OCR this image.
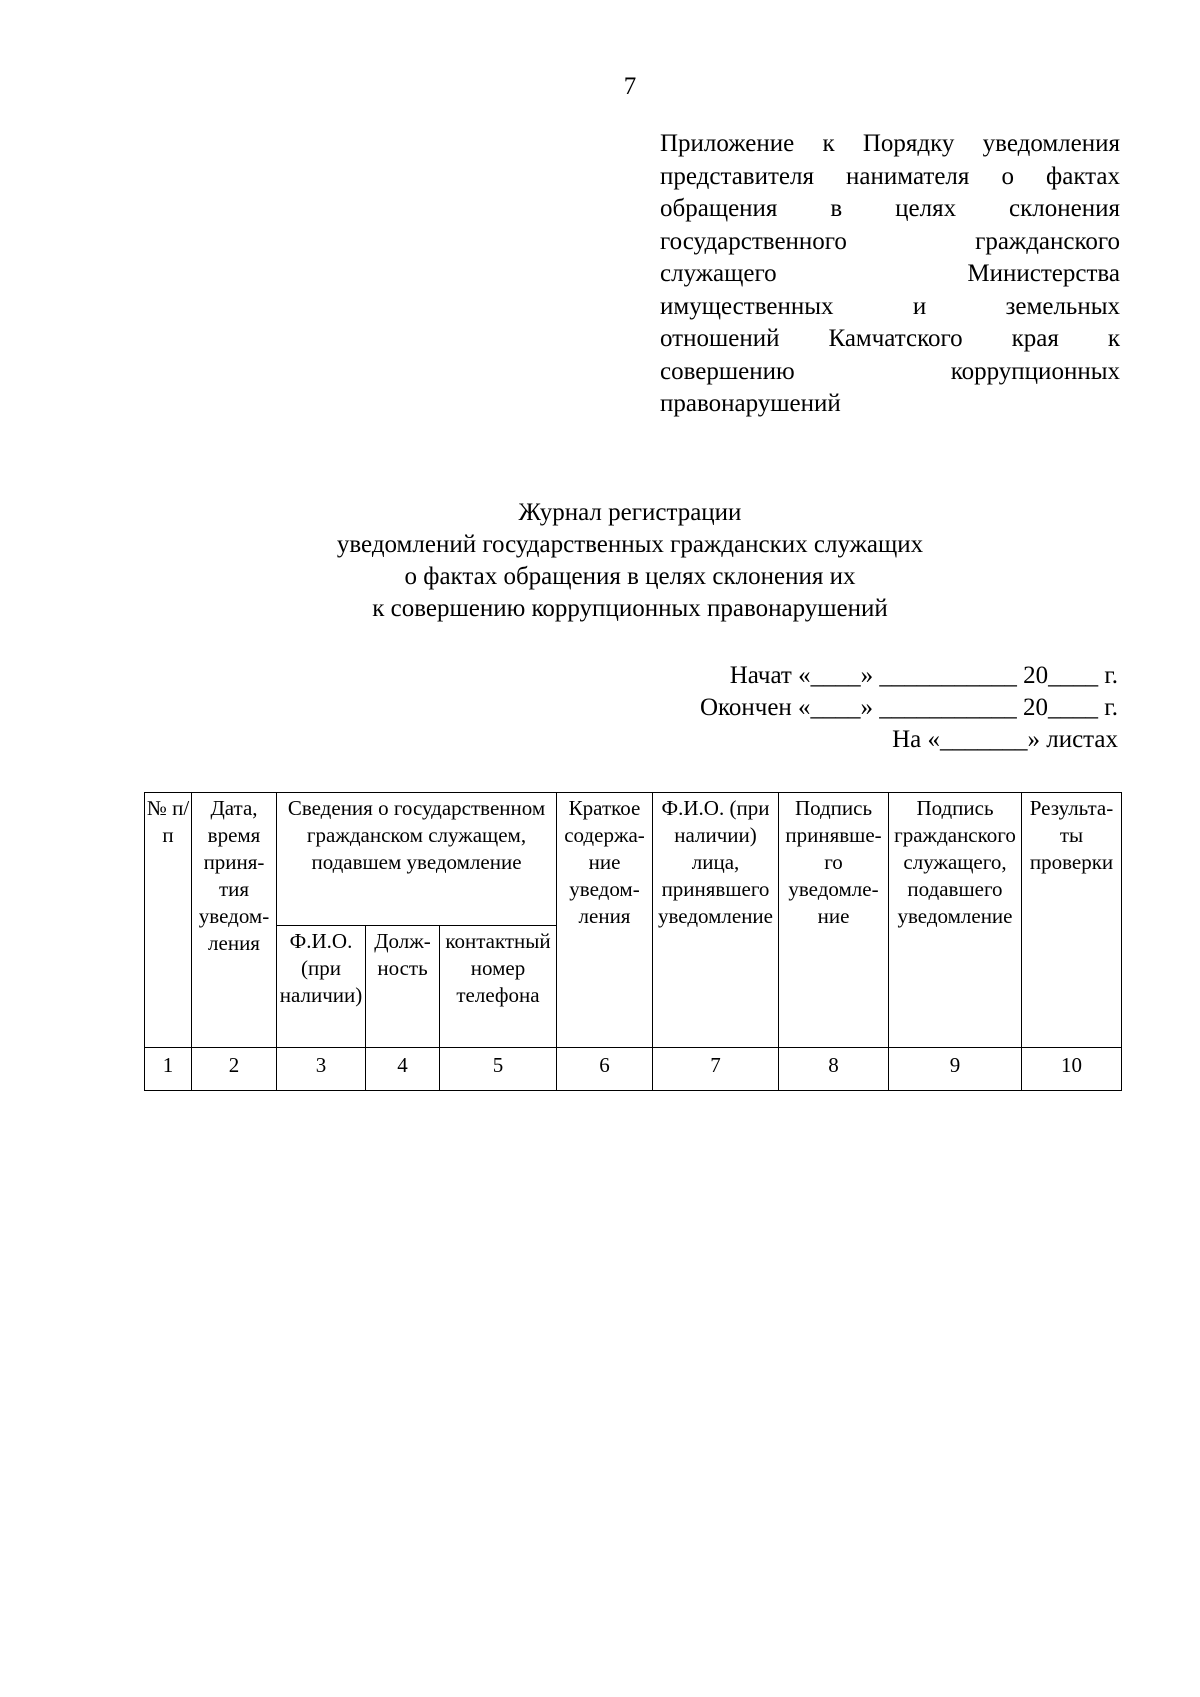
7
Приложение к Порядку уведомления
представителя нанимателя о фактах
обращения в целях склонения
государственного гражданского
служащего Министерства
имущественных и земельных
отношений Камчатского края к
совершению коррупционных
правонарушений
Журнал регистрации
уведомлений государственных гражданских служащих
о фактах обращения в целях склонения их
к совершению коррупционных правонарушений
Начат «____» ___________ 20____ г.
Окончен «____» ___________ 20____ г.
На «_______» листах
№ п/п	Дата, время приня-тия уведом-ления	Сведения о государственном гражданском служащем, подавшем уведомление			Краткое содержа-ние уведом-ления	Ф.И.О. (при наличии) лица, принявшего уведомление	Подпись принявше-го уведомле-ние	Подпись гражданского служащего, подавшего уведомление	Результа-ты проверки
		Ф.И.О. (при наличии)	Долж-ность	контактный номер телефона					
1	2	3	4	5	6	7	8	9	10
